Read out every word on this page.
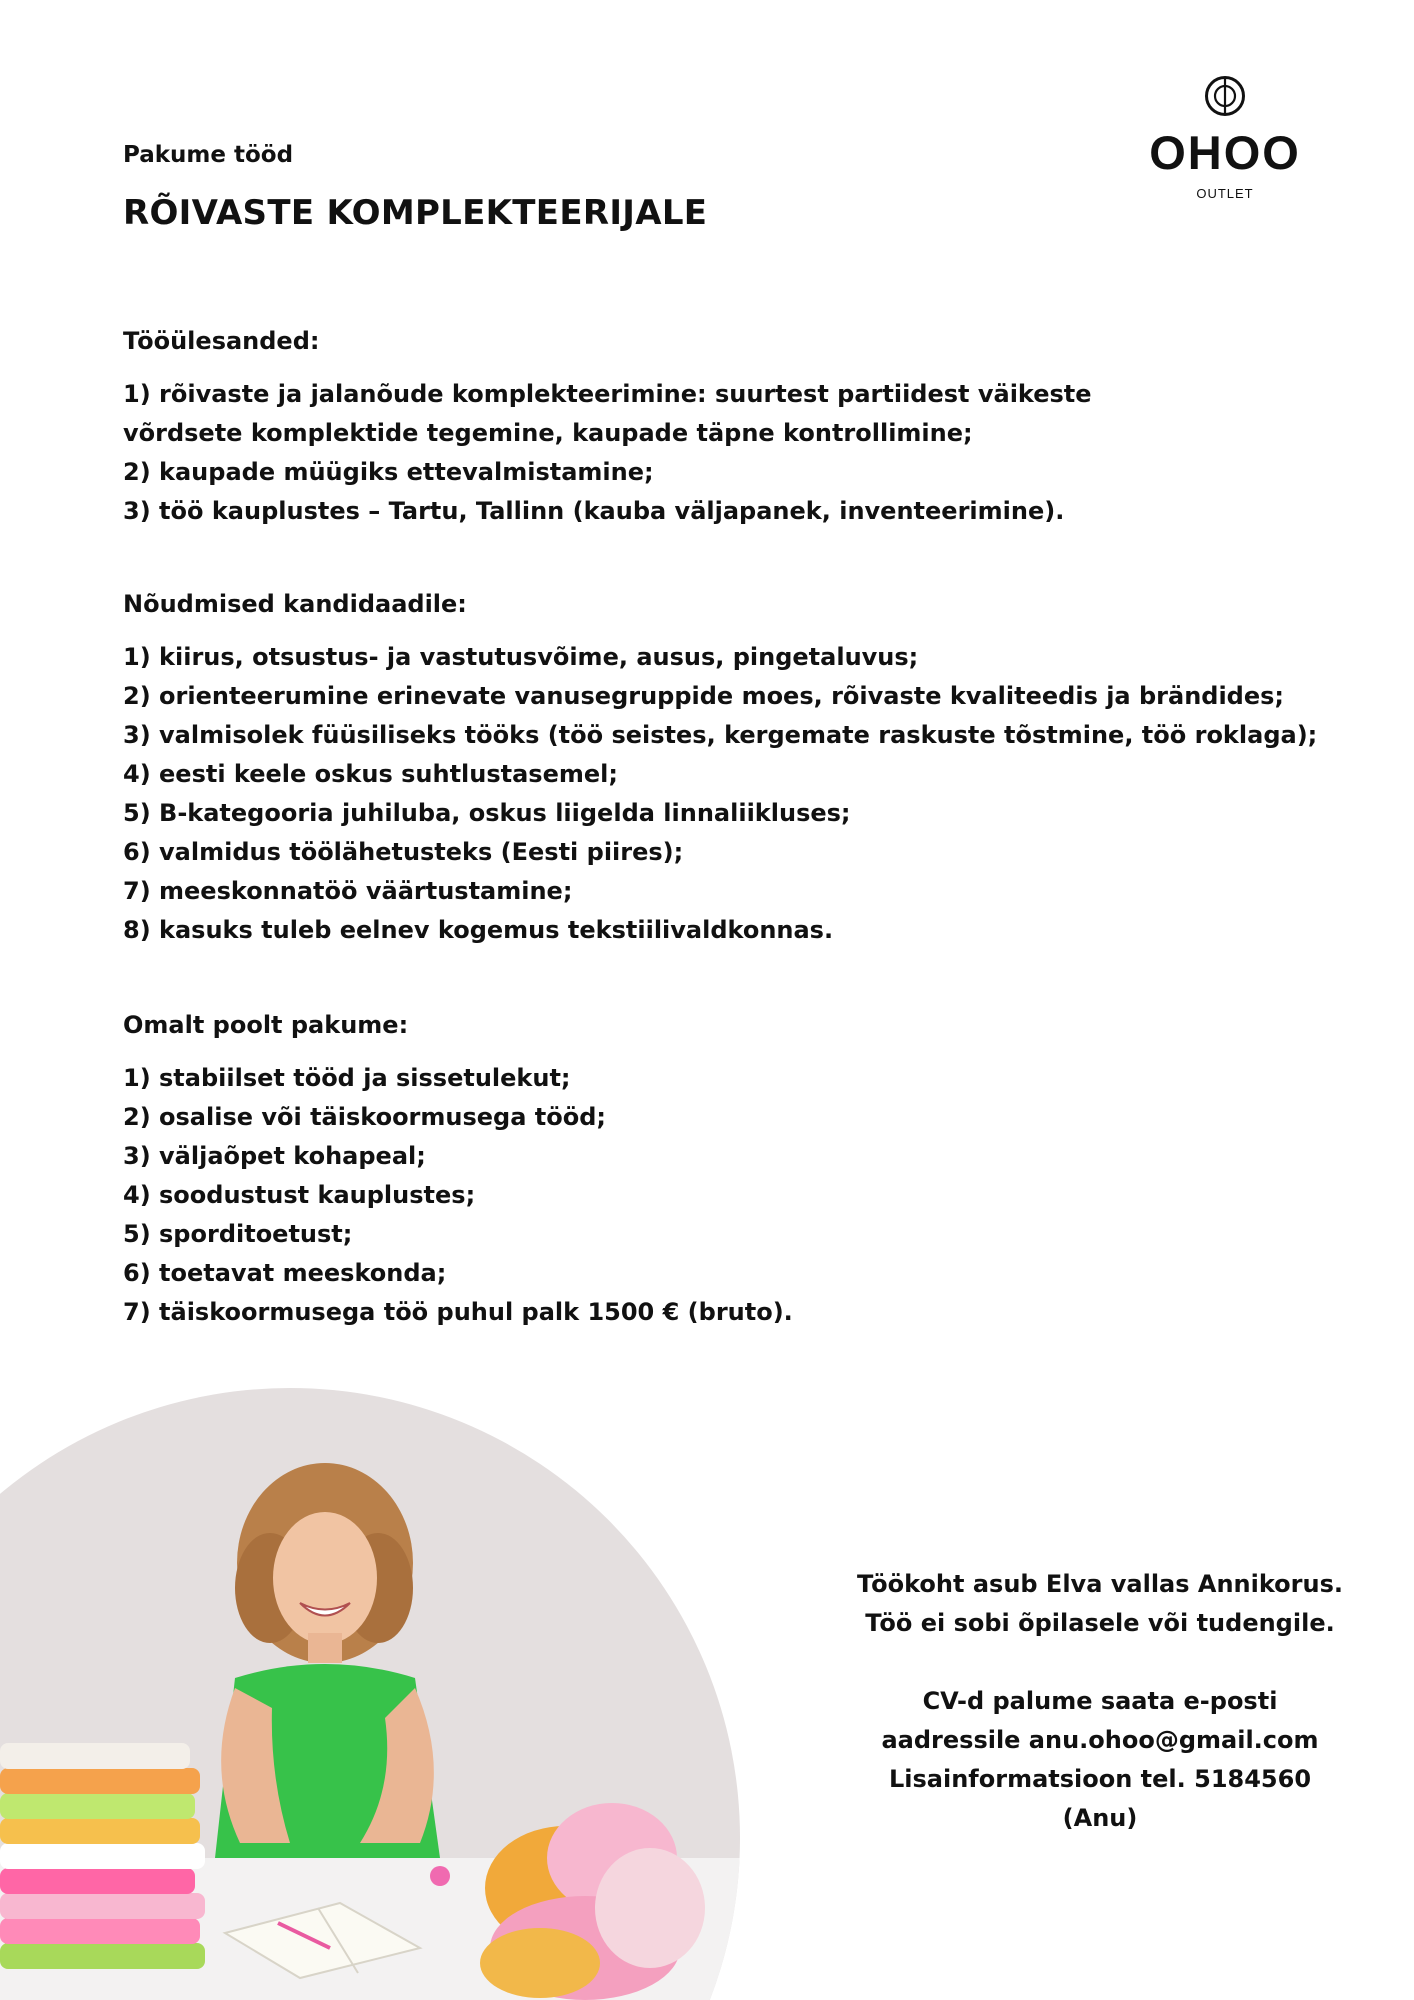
Pakume tööd

RÕIVASTE KOMPLEKTEERIJALE
OHOO
OUTLET
Tööülesanded:
1) rõivaste ja jalanõude komplekteerimine: suurtest partiidest väikeste
võrdsete komplektide tegemine, kaupade täpne kontrollimine;
2) kaupade müügiks ettevalmistamine;
3) töö kauplustes – Tartu, Tallinn (kauba väljapanek, inventeerimine).
Nõudmised kandidaadile:
1) kiirus, otsustus- ja vastutusvõime, ausus, pingetaluvus;
2) orienteerumine erinevate vanusegruppide moes, rõivaste kvaliteedis ja brändides;
3) valmisolek füüsiliseks tööks (töö seistes, kergemate raskuste tõstmine, töö roklaga);
4) eesti keele oskus suhtlustasemel;
5) B-kategooria juhiluba, oskus liigelda linnaliikluses;
6) valmidus töölähetusteks (Eesti piires);
7) meeskonnatöö väärtustamine;
8) kasuks tuleb eelnev kogemus tekstiilivaldkonnas.
Omalt poolt pakume:
1) stabiilset tööd ja sissetulekut;
2) osalise või täiskoormusega tööd;
3) väljaõpet kohapeal;
4) soodustust kauplustes;
5) sporditoetust;
6) toetavat meeskonda;
7) täiskoormusega töö puhul palk 1500 € (bruto).

Töökoht asub Elva vallas Annikorus.

Töö ei sobi õpilasele või tudengile.

CV-d palume saata e-posti

aadressile anu.ohoo@gmail.com

Lisainformatsioon tel. 5184560

(Anu)
